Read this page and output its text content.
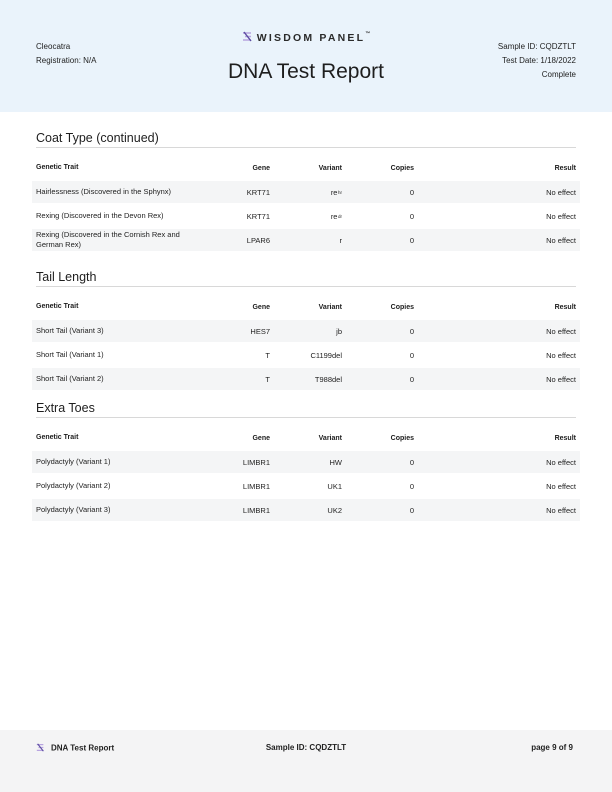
Cleocatra
Registration: N/A
WISDOM PANEL™
DNA Test Report
Sample ID: CQDZTLT
Test Date: 1/18/2022
Complete
Coat Type (continued)
Genetic Trait	Gene	Variant	Copies	Result
Hairlessness (Discovered in the Sphynx)	KRT71	re hr	0	No effect
Rexing (Discovered in the Devon Rex)	KRT71	re dr	0	No effect
Rexing (Discovered in the Cornish Rex and German Rex)	LPAR6	r	0	No effect
Tail Length
Genetic Trait	Gene	Variant	Copies	Result
Short Tail (Variant 3)	HES7	jb	0	No effect
Short Tail (Variant 1)	T	C1199del	0	No effect
Short Tail (Variant 2)	T	T988del	0	No effect
Extra Toes
Genetic Trait	Gene	Variant	Copies	Result
Polydactyly (Variant 1)	LIMBR1	HW	0	No effect
Polydactyly (Variant 2)	LIMBR1	UK1	0	No effect
Polydactyly (Variant 3)	LIMBR1	UK2	0	No effect
DNA Test Report	Sample ID: CQDZTLT	page 9 of 9
